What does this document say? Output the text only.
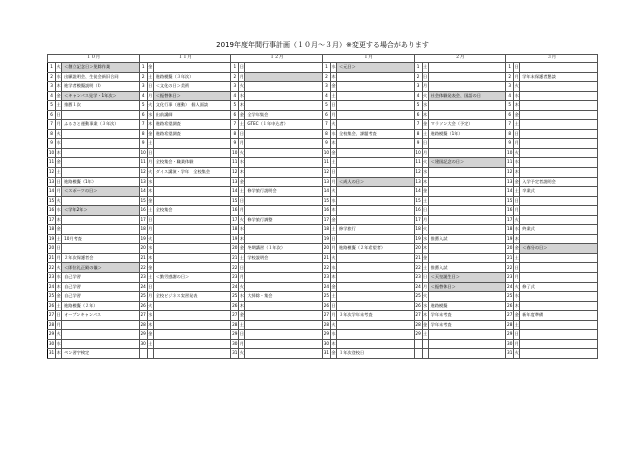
2019年度年間行事計画（１０月～３月）※変更する場合があります
１０月			１１月			１２月			１月			２月			３月		
1	火	＜創立記念日＞免除作業	1	金		1	日		1	水	＜元日＞	1	土		1	日	
2	水	出願説明会、生徒会新旧合同	2	土	進路模擬（３年次）	2	月		2	木		2	日		2	月	学年末保護者懇談
3	木	進学者模擬説明（Ⅰ）	3	日	＜文化の日＞美術	3	火		3	金		3	月		3	火	
4	金	＜キャンパス見学・1年次＞	4	月	＜振替休日＞	4	水		4	土		4	火	社会体験発表会、国語の日	4	水	
5	土	推薦１次	5	火	文化行事（運動）　個人面談	5	木		5	日		5	水		5	木	
6	日		6	水	出前講師	6	金	全学年集会	6	月		6	木		6	金	
7	月	ふるさと運動事業（３年次）	7	木	進路希望調査	7	土	GTEC（１年申込者）	7	火		7	金	マラソン大会（予定）	7	土	
8	火		8	金	進路希望調査	8	日		8	水	全校集会、課題考査	8	土	進路模擬（1年）	8	日	
9	水		9	土		9	月		9	木		9	日		9	月	
10	木		10	日		10	火		10	金		10	月		10	火	
11	金		11	月	全校集会・職業体験	11	水		11	土		11	火	＜建国記念の日＞	11	水	
12	土		12	火	ダイス講演・学年　全校集会	12	木		12	日		12	水		12	木	
13	日	進路模擬（1年）	13	水		13	金		13	月	＜成人の日＞	13	木		13	金	入学予定者説明会
14	月	＜スポーツの日＞	14	木		14	土	修学旅行説明会	14	火		14	金		14	土	卒業式
15	火		15	金		15	日		15	水		15	土		15	日	
16	水	＜学年2年＞	16	土	全校集会	16	月		16	木		16	日		16	月	
17	木		17	日		17	火	修学旅行調整	17	金		17	月		17	火	
18	金		18	月		18	水		18	土	修学旅行	18	火		18	水	終業式
19	土	10月考査	19	火		19	木		19	日		19	水	推薦入試	19	木	
20	日		20	水		20	金	冬期講習（１年次）	20	月	進路模擬（２年希望者）	20	木		20	金	＜春分の日＞
21	月	２年次保護者会	21	木		21	土	学校説明会	21	火		21	金		21	土	
22	火	＜即位礼正殿の儀＞	22	金		22	日		22	水		22	土	推薦入試	22	日	
23	水	自己学習	23	土	＜勤労感謝の日＞	23	月		23	木		23	日	＜天皇誕生日＞	23	月	
24	木	自己学習	24	日		24	火		24	金		24	月	＜振替休日＞	24	火	修了式
25	金	自己学習	25	月	全校ビジネス実習発表	25	水	大掃除・集会	25	土		25	火		25	水	
26	土	進路模擬（２年）	26	火		26	木		26	日		26	水	進路模擬	26	木	
27	日	オープンキャンパス	27	水		27	金		27	月	３年次学年末考査	27	木	学年末考査	27	金	新年度準備
28	月		28	木		28	土		28	火		28	金	学年末考査	28	土	
29	火		29	金		29	日		29	水		29	土		29	日	
30	水		30	土		30	月		30	木					30	月	
31	木	ペン習字検定				31	火		31	金	１年次登校日				31	火	
